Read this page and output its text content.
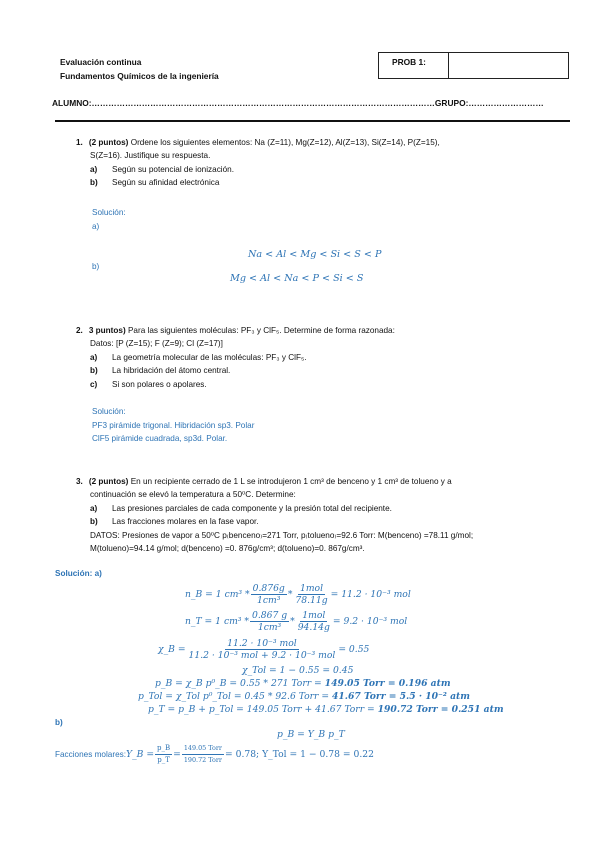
Evaluación continua
Fundamentos Químicos de la ingeniería
PROB 1:
ALUMNO:……………………………………………………………………………………………………………GRUPO:………………………
1. (2 puntos) Ordene los siguientes elementos: Na (Z=11), Mg(Z=12), Al(Z=13), Si(Z=14), P(Z=15),
S(Z=16). Justifique su respuesta.
a)	Según su potencial de ionización.
b)	Según su afinidad electrónica
Solución:
a)
Na < Al < Mg < Si < S < P
b)
Mg < Al < Na < P < Si < S
2. 3 puntos) Para las siguientes moléculas: PF₃ y ClF₅. Determine de forma razonada:
Datos: [P (Z=15); F (Z=9); Cl (Z=17)]
a)	La geometría molecular de las moléculas: PF₃ y ClF₅.
b)	La hibridación del átomo central.
c)	Si son polares o apolares.
Solución:
PF3 pirámide trigonal. Hibridación sp3. Polar
ClF5 pirámide cuadrada, sp3d. Polar.
3. (2 puntos) En un recipiente cerrado de 1 L se introdujeron 1 cm³ de benceno y 1 cm³ de tolueno y a
continuación se elevó la temperatura a 50⁰C. Determine:
a)	Las presiones parciales de cada componente y la presión total del recipiente.
b)	Las fracciones molares en la fase vapor.
DATOS: Presiones de vapor a 50⁰C p₍benceno₎=271 Torr, p₍tolueno₎=92.6 Torr: M(benceno) =78.11 g/mol;
M(tolueno)=94.14 g/mol; d(benceno) =0. 876g/cm³; d(tolueno)=0. 867g/cm³.
Solución: a)
n_B = 1 $cm^3 * \frac{0.876g}{\text{1cm³}} * \frac{\text{1mol}}{78.11g} = 11.2 \cdot 10^{-3}$ mol
n_T = 1 $cm^3 * \frac{0.867 g}{\text{1cm³}} * \frac{\text{1mol}}{94.14g} = 9.2 \cdot 10^{-3}$ mol
χ_B = $\frac{\text{11.2 · 10⁻³ mol}}{\text{11.2 · 10⁻³ mol + 9.2 · 10⁻³ mol}} = 0.55$
χ_Tol = 1 − 0.55 = 0.45
p_B = χ_B p⁰_B = 0.55 * 271 Torr = 149.05 Torr = 0.196 atm
p_Tol = χ_Tol p⁰_Tol = 0.45 * 92.6 Torr = 41.67 Torr = 5.5 · 10⁻² atm
p_T = p_B + p_Tol = 149.05 Torr + 41.67 Torr = 190.72 Torr = 0.251 atm
b)
p_B = Y_B p_T
Facciones molares: Y_B = $\frac{p\_B}{p\_T} = \frac{\text{149.05 Torr}}{\text{190.72 Torr}} = 0.78$; Y_Tol = 1 − 0.78 = 0.22
